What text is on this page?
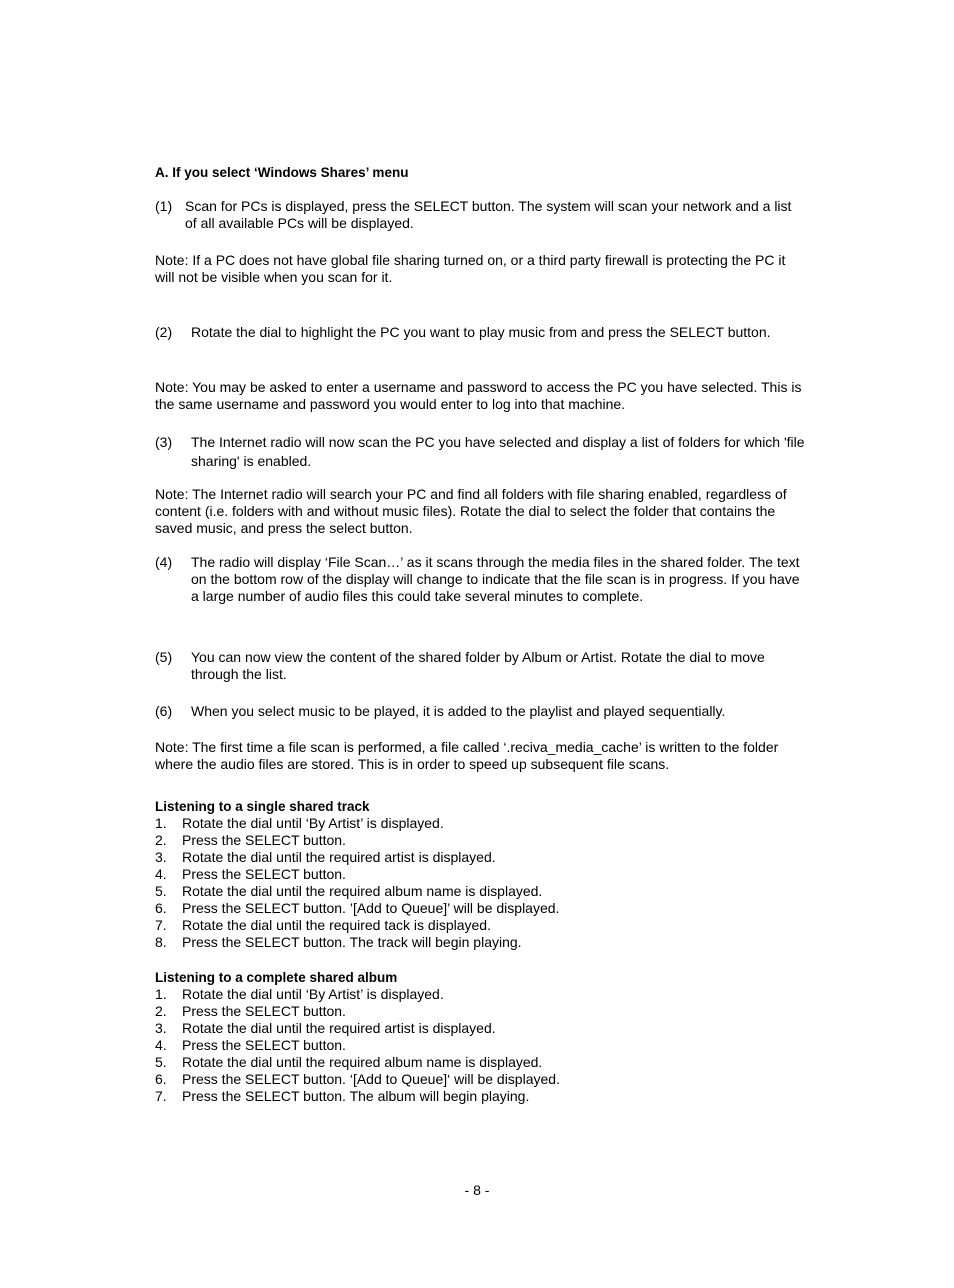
A. If you select ‘Windows Shares’ menu
(1) Scan for PCs is displayed, press the SELECT button. The system will scan your network and a list of all available PCs will be displayed.

Note: If a PC does not have global file sharing turned on, or a third party firewall is protecting the PC it will not be visible when you scan for it.

(2) Rotate the dial to highlight the PC you want to play music from and press the SELECT button.

Note: You may be asked to enter a username and password to access the PC you have selected. This is the same username and password you would enter to log into that machine.

(3) The Internet radio will now scan the PC you have selected and display a list of folders for which 'file sharing' is enabled.

Note: The Internet radio will search your PC and find all folders with file sharing enabled, regardless of content (i.e. folders with and without music files). Rotate the dial to select the folder that contains the saved music, and press the select button.

(4) The radio will display ‘File Scan…’ as it scans through the media files in the shared folder. The text on the bottom row of the display will change to indicate that the file scan is in progress. If you have a large number of audio files this could take several minutes to complete.
(5) You can now view the content of the shared folder by Album or Artist. Rotate the dial to move through the list.
(6) When you select music to be played, it is added to the playlist and played sequentially.

Note: The first time a file scan is performed, a file called ‘.reciva_media_cache’ is written to the folder where the audio files are stored. This is in order to speed up subsequent file scans.

Listening to a single shared track
1. Rotate the dial until ‘By Artist’ is displayed.
2. Press the SELECT button.
3. Rotate the dial until the required artist is displayed.
4. Press the SELECT button.
5. Rotate the dial until the required album name is displayed.
6. Press the SELECT button. ’[Add to Queue]’ will be displayed.
7. Rotate the dial until the required tack is displayed.
8. Press the SELECT button. The track will begin playing.
Listening to a complete shared album
1. Rotate the dial until ‘By Artist’ is displayed.
2. Press the SELECT button.
3. Rotate the dial until the required artist is displayed.
4. Press the SELECT button.
5. Rotate the dial until the required album name is displayed.
6. Press the SELECT button. ‘[Add to Queue]‘ will be displayed.
7. Press the SELECT button. The album will begin playing.
- 8 -
